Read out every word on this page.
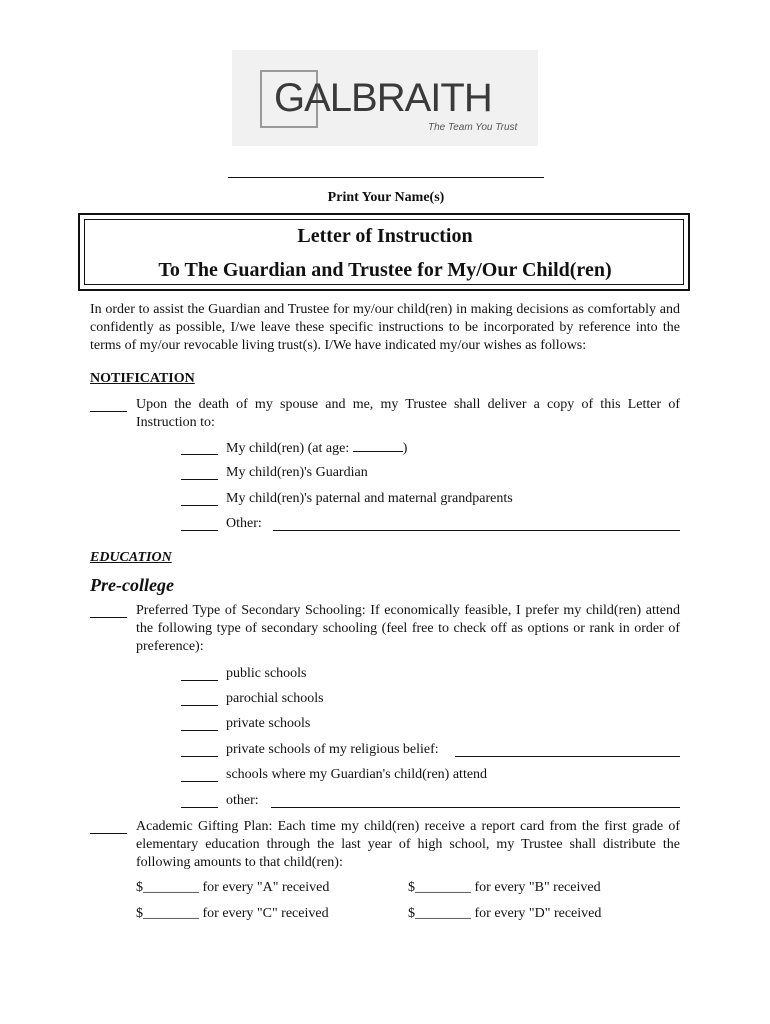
GALBRAITH
The Team You Trust
Print Your Name(s)
Letter of Instruction
To The Guardian and Trustee for My/Our Child(ren)
In order to assist the Guardian and Trustee for my/our child(ren) in making decisions as comfortably and confidently as possible, I/we leave these specific instructions to be incorporated by reference into the terms of my/our revocable living trust(s). I/We have indicated my/our wishes as follows:
NOTIFICATION
Upon the death of my spouse and me, my Trustee shall deliver a copy of this Letter of Instruction to:
My child(ren) (at age:	)
My child(ren)'s Guardian
My child(ren)'s paternal and maternal grandparents
Other:
EDUCATION
Pre-college
Preferred Type of Secondary Schooling: If economically feasible, I prefer my child(ren) attend the following type of secondary schooling (feel free to check off as options or rank in order of preference):
public schools
parochial schools
private schools
private schools of my religious belief:
schools where my Guardian's child(ren) attend
other:
Academic Gifting Plan: Each time my child(ren) receive a report card from the first grade of elementary education through the last year of high school, my Trustee shall distribute the following amounts to that child(ren):
$________ for every "A" received	$________ for every "B" received
$________ for every "C" received	$________ for every "D" received
